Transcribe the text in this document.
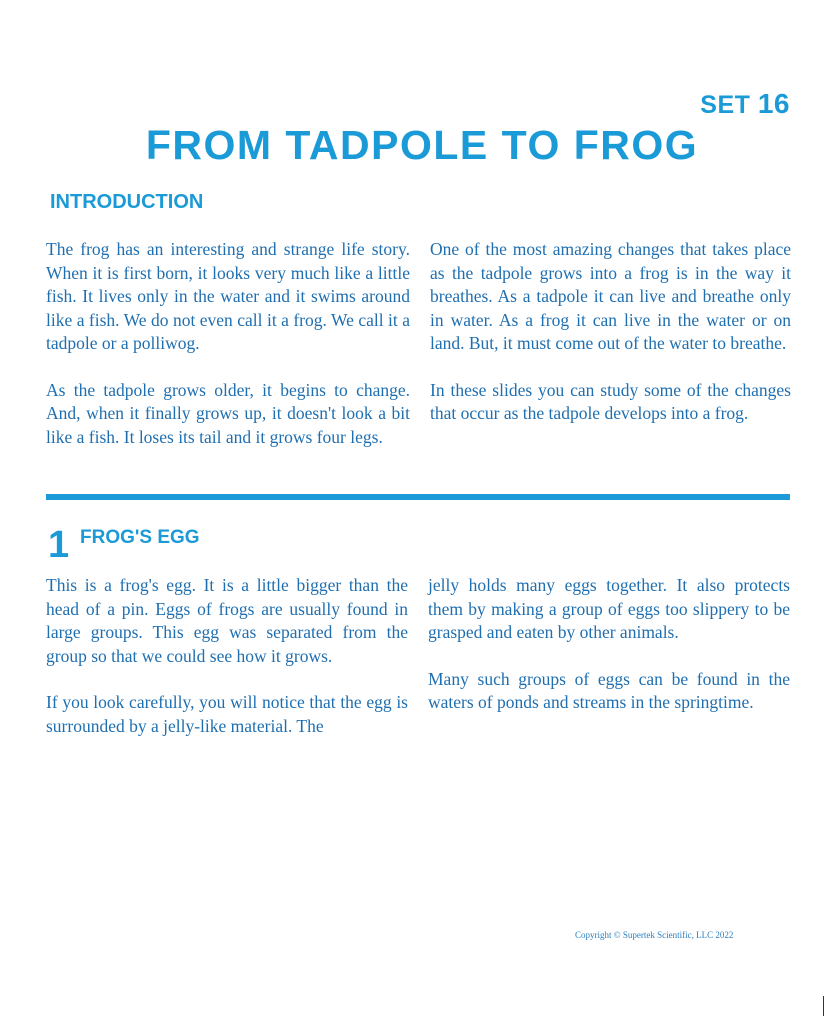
SET 16
FROM TADPOLE TO FROG
INTRODUCTION

The frog has an interesting and strange life story. When it is first born, it looks very much like a little fish. It lives only in the water and it swims around like a fish. We do not even call it a frog. We call it a tadpole or a polliwog.

As the tadpole grows older, it begins to change. And, when it finally grows up, it doesn't look a bit like a fish. It loses its tail and it grows four legs.

One of the most amazing changes that takes place as the tadpole grows into a frog is in the way it breathes. As a tadpole it can live and breathe only in water. As a frog it can live in the water or on land. But, it must come out of the water to breathe.

In these slides you can study some of the changes that occur as the tadpole develops into a frog.

1 FROG'S EGG

This is a frog's egg. It is a little bigger than the head of a pin. Eggs of frogs are usually found in large groups. This egg was separated from the group so that we could see how it grows.

If you look carefully, you will notice that the egg is surrounded by a jelly-like material. The

jelly holds many eggs together. It also protects them by making a group of eggs too slippery to be grasped and eaten by other animals.

Many such groups of eggs can be found in the waters of ponds and streams in the springtime.

Copyright © Supertek Scientific, LLC 2022
